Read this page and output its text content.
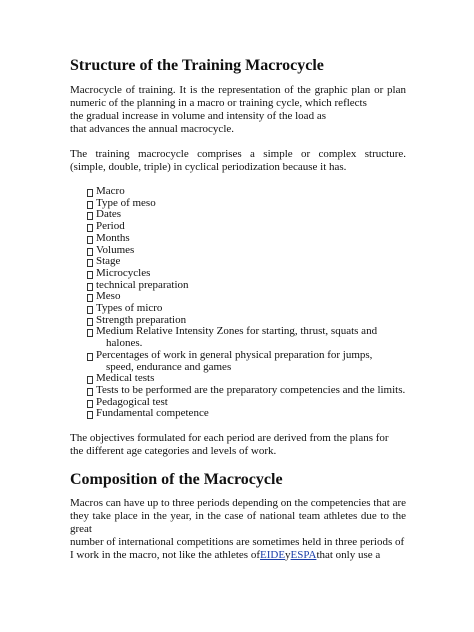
Structure of the Training Macrocycle

Macrocycle of training. It is the representation of the graphic plan or plan
numeric of the planning in a macro or training cycle, which reflects
the gradual increase in volume and intensity of the load as
that advances the annual macrocycle.

The training macrocycle comprises a simple or complex structure.
(simple, double, triple) in cyclical periodization because it has.

Macro
Type of meso
Dates
Period
Months
Volumes
Stage
Microcycles
technical preparation
Meso
Types of micro
Strength preparation
Medium Relative Intensity Zones for starting, thrust, squats and
halones.
Percentages of work in general physical preparation for jumps,
speed, endurance and games
Medical tests
Tests to be performed are the preparatory competencies and the limits.
Pedagogical test
Fundamental competence

The objectives formulated for each period are derived from the plans for
the different age categories and levels of work.

Composition of the Macrocycle

Macros can have up to three periods depending on the competencies that are
they take place in the year, in the case of national team athletes due to the great
number of international competitions are sometimes held in three periods of
I work in the macro, not like the athletes ofEIDEyESPAthat only use a
